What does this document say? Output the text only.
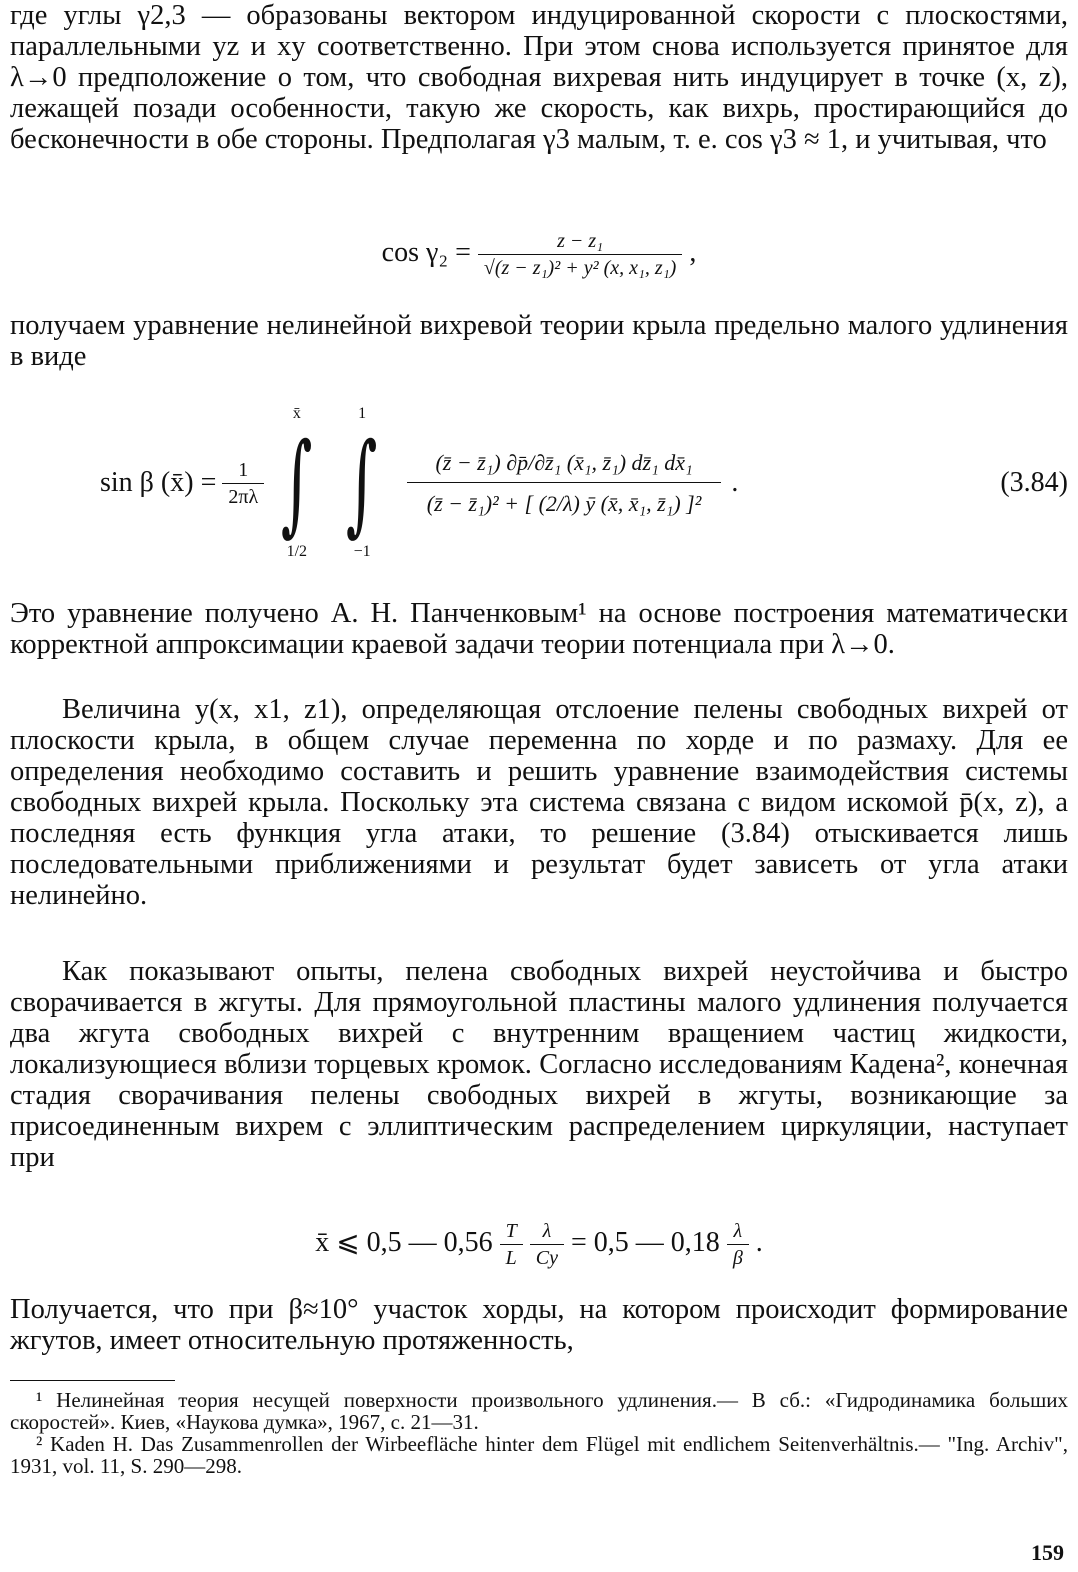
где углы γ2,3 — образованы вектором индуцированной скорости с плоскостями, параллельными yz и xy соответственно. При этом снова используется принятое для λ→0 предположение о том, что свободная вихревая нить индуцирует в точке (x, z), лежащей позади особенности, такую же скорость, как вихрь, простирающийся до бесконечности в обе стороны. Предполагая γ3 малым, т. е. cos γ3 ≈ 1, и учитывая, что

$\cos \gamma_2 = \frac{\text{z − z₁}}{\text{√(z − z₁)² + y² (x, x₁, z₁)}}$ ,

получаем уравнение нелинейной вихревой теории крыла предельно малого удлинения в виде

sin β (x̄) = $\frac{1}{2\pi\lambda}$
x̄
∫
1/2
1
∫
−1
$\frac{\text{(z̄ − z̄₁) ∂p̄/∂z̄₁ (x̄₁, z̄₁) dz̄₁ dx̄₁}}{\text{(z̄ − z̄₁)² + [ (2/λ) ȳ (x̄, x̄₁, z̄₁) ]²}}$ .	(3.84)

Это уравнение получено А. Н. Панченковым¹ на основе построения математически корректной аппроксимации краевой задачи теории потенциала при λ→0.

Величина y(x, x1, z1), определяющая отслоение пелены свободных вихрей от плоскости крыла, в общем случае переменна по хорде и по размаху. Для ее определения необходимо составить и решить уравнение взаимодействия системы свободных вихрей крыла. Поскольку эта система связана с видом искомой p̄(x, z), а последняя есть функция угла атаки, то решение (3.84) отыскивается лишь последовательными приближениями и результат будет зависеть от угла атаки нелинейно.

Как показывают опыты, пелена свободных вихрей неустойчива и быстро сворачивается в жгуты. Для прямоугольной пластины малого удлинения получается два жгута свободных вихрей с внутренним вращением частиц жидкости, локализующиеся вблизи торцевых кромок. Согласно исследованиям Кадена², конечная стадия сворачивания пелены свободных вихрей в жгуты, возникающие за присоединенным вихрем с эллиптическим распределением циркуляции, наступает при

x̄ ⩽ 0,5 — $0,56 \frac{T}{L}$
$\frac{\lambda}{Cy} = 0,5$ — $0,18 \frac{\lambda}{\beta}$ .

Получается, что при β≈10° участок хорды, на котором происходит формирование жгутов, имеет относительную протяженность,

¹ Нелинейная теория несущей поверхности произвольного удлинения.— В сб.: «Гидродинамика больших скоростей». Киев, «Наукова думка», 1967, с. 21—31.

² Kaden H. Das Zusammenrollen der Wirbeefläche hinter dem Flügel mit endlichem Seitenverhältnis.— "Ing. Archiv", 1931, vol. 11, S. 290—298.

159
